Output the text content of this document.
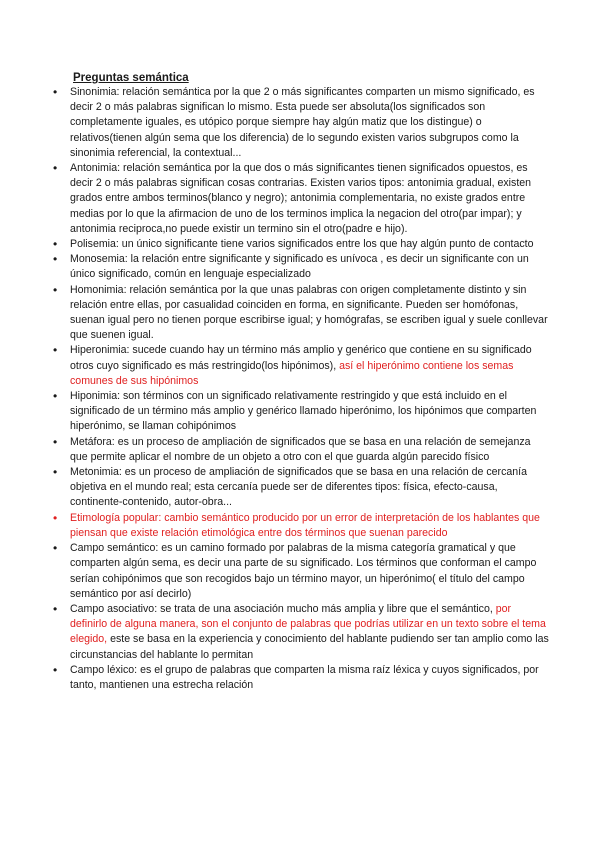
Preguntas semántica
• Sinonimia: relación semántica por la que 2 o más significantes comparten un mismo significado, es decir 2 o más palabras significan lo mismo. Esta puede ser absoluta(los significados son completamente iguales, es utópico porque siempre hay algún matiz que los distingue) o relativos(tienen algún sema que los diferencia) de lo segundo existen varios subgrupos como la sinonimia referencial, la contextual...
• Antonimia: relación semántica por la que dos o más significantes tienen significados opuestos, es decir 2 o más palabras significan cosas contrarias. Existen varios tipos: antonimia gradual, existen grados entre ambos terminos(blanco y negro); antonimia complementaria, no existe grados entre medias por lo que la afirmacion de uno de los terminos implica la negacion del otro(par impar); y antonimia reciproca,no puede existir un termino sin el otro(padre e hijo).
• Polisemia: un único significante tiene varios significados entre los que hay algún punto de contacto
• Monosemia: la relación entre significante y significado es unívoca , es decir un significante con un único significado, común en lenguaje especializado
• Homonimia: relación semántica por la que unas palabras con origen completamente distinto y sin relación entre ellas, por casualidad coinciden en forma, en significante. Pueden ser homófonas, suenan igual pero no tienen porque escribirse igual; y homógrafas, se escriben igual y suele conllevar que suenen igual.
• Hiperonimia: sucede cuando hay un término más amplio y genérico que contiene en su significado otros cuyo significado es más restringido(los hipónimos), así el hiperónimo contiene los semas comunes de sus hipónimos
• Hiponimia: son términos con un significado relativamente restringido y que está incluido en el significado de un término más amplio y genérico llamado hiperónimo, los hipónimos que comparten hiperónimo, se llaman cohipónimos
• Metáfora: es un proceso de ampliación de significados que se basa en una relación de semejanza que permite aplicar el nombre de un objeto a otro con el que guarda algún parecido físico
• Metonimia: es un proceso de ampliación de significados que se basa en una relación de cercanía objetiva en el mundo real; esta cercanía puede ser de diferentes tipos: física, efecto-causa, continente-contenido, autor-obra...
• Etimología popular: cambio semántico producido por un error de interpretación de los hablantes que piensan que existe relación etimológica entre dos términos que suenan parecido
• Campo semántico: es un camino formado por palabras de la misma categoría gramatical y que comparten algún sema, es decir una parte de su significado. Los términos que conforman el campo serían cohipónimos que son recogidos bajo un término mayor, un hiperónimo( el título del campo semántico por así decirlo)
• Campo asociativo: se trata de una asociación mucho más amplia y libre que el semántico, por definirlo de alguna manera, son el conjunto de palabras que podrías utilizar en un texto sobre el tema elegido, este se basa en la experiencia y conocimiento del hablante pudiendo ser tan amplio como las circunstancias del hablante lo permitan
• Campo léxico: es el grupo de palabras que comparten la misma raíz léxica y cuyos significados, por tanto, mantienen una estrecha relación
